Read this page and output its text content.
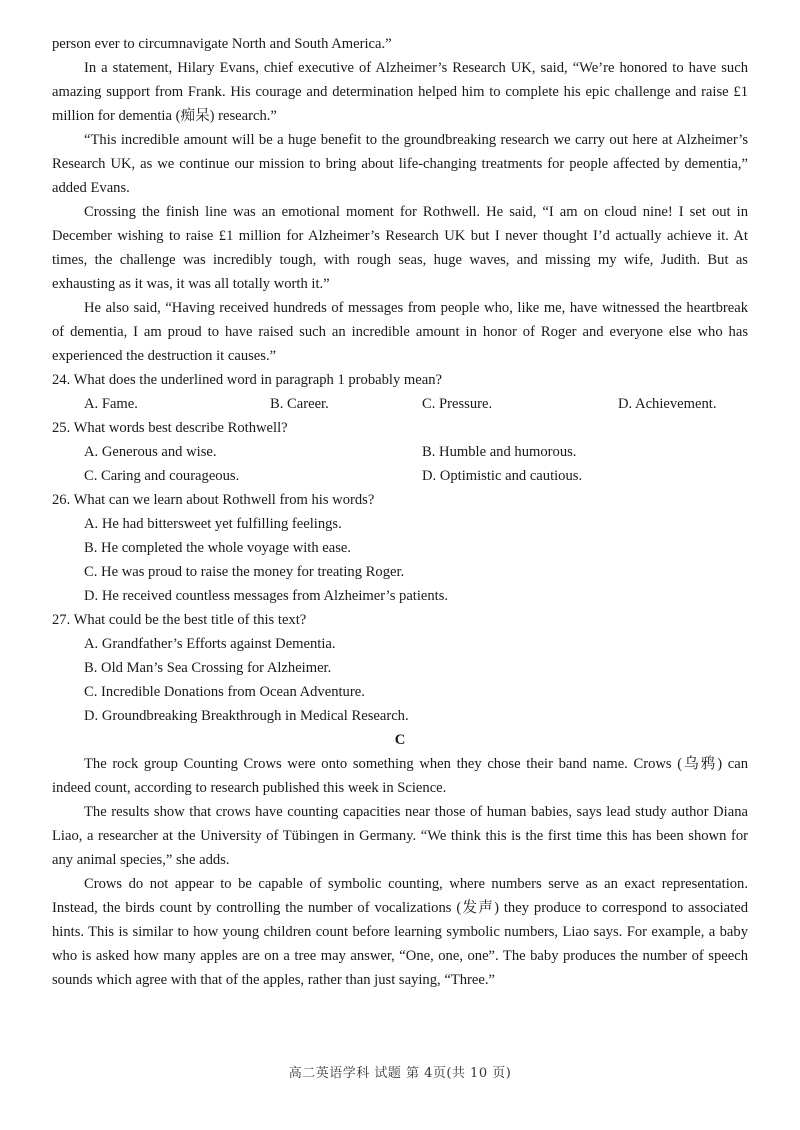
person ever to circumnavigate North and South America.”

In a statement, Hilary Evans, chief executive of Alzheimer’s Research UK, said, “We’re honored to have such amazing support from Frank. His courage and determination helped him to complete his epic challenge and raise £1 million for dementia (痴呆) research.”

“This incredible amount will be a huge benefit to the groundbreaking research we carry out here at Alzheimer’s Research UK, as we continue our mission to bring about life-changing treatments for people affected by dementia,” added Evans.

Crossing the finish line was an emotional moment for Rothwell. He said, “I am on cloud nine! I set out in December wishing to raise £1 million for Alzheimer’s Research UK but I never thought I’d actually achieve it. At times, the challenge was incredibly tough, with rough seas, huge waves, and missing my wife, Judith. But as exhausting as it was, it was all totally worth it.”

He also said, “Having received hundreds of messages from people who, like me, have witnessed the heartbreak of dementia, I am proud to have raised such an incredible amount in honor of Roger and everyone else who has experienced the destruction it causes.”

24. What does the underlined word in paragraph 1 probably mean?
A. Fame.	B. Career.	C. Pressure.	D. Achievement.
25. What words best describe Rothwell?
A. Generous and wise.	B. Humble and humorous.
C. Caring and courageous.	D. Optimistic and cautious.
26. What can we learn about Rothwell from his words?
A. He had bittersweet yet fulfilling feelings.
B. He completed the whole voyage with ease.
C. He was proud to raise the money for treating Roger.
D. He received countless messages from Alzheimer’s patients.
27. What could be the best title of this text?
A. Grandfather’s Efforts against Dementia.
B. Old Man’s Sea Crossing for Alzheimer.
C. Incredible Donations from Ocean Adventure.
D. Groundbreaking Breakthrough in Medical Research.
C

The rock group Counting Crows were onto something when they chose their band name. Crows (乌鸦) can indeed count, according to research published this week in Science.

The results show that crows have counting capacities near those of human babies, says lead study author Diana Liao, a researcher at the University of Tübingen in Germany. “We think this is the first time this has been shown for any animal species,” she adds.

Crows do not appear to be capable of symbolic counting, where numbers serve as an exact representation. Instead, the birds count by controlling the number of vocalizations (发声) they produce to correspond to associated hints. This is similar to how young children count before learning symbolic numbers, Liao says. For example, a baby who is asked how many apples are on a tree may answer, “One, one, one”. The baby produces the number of speech sounds which agree with that of the apples, rather than just saying, “Three.”

高二英语学科 试题 第 4页(共 10 页)
